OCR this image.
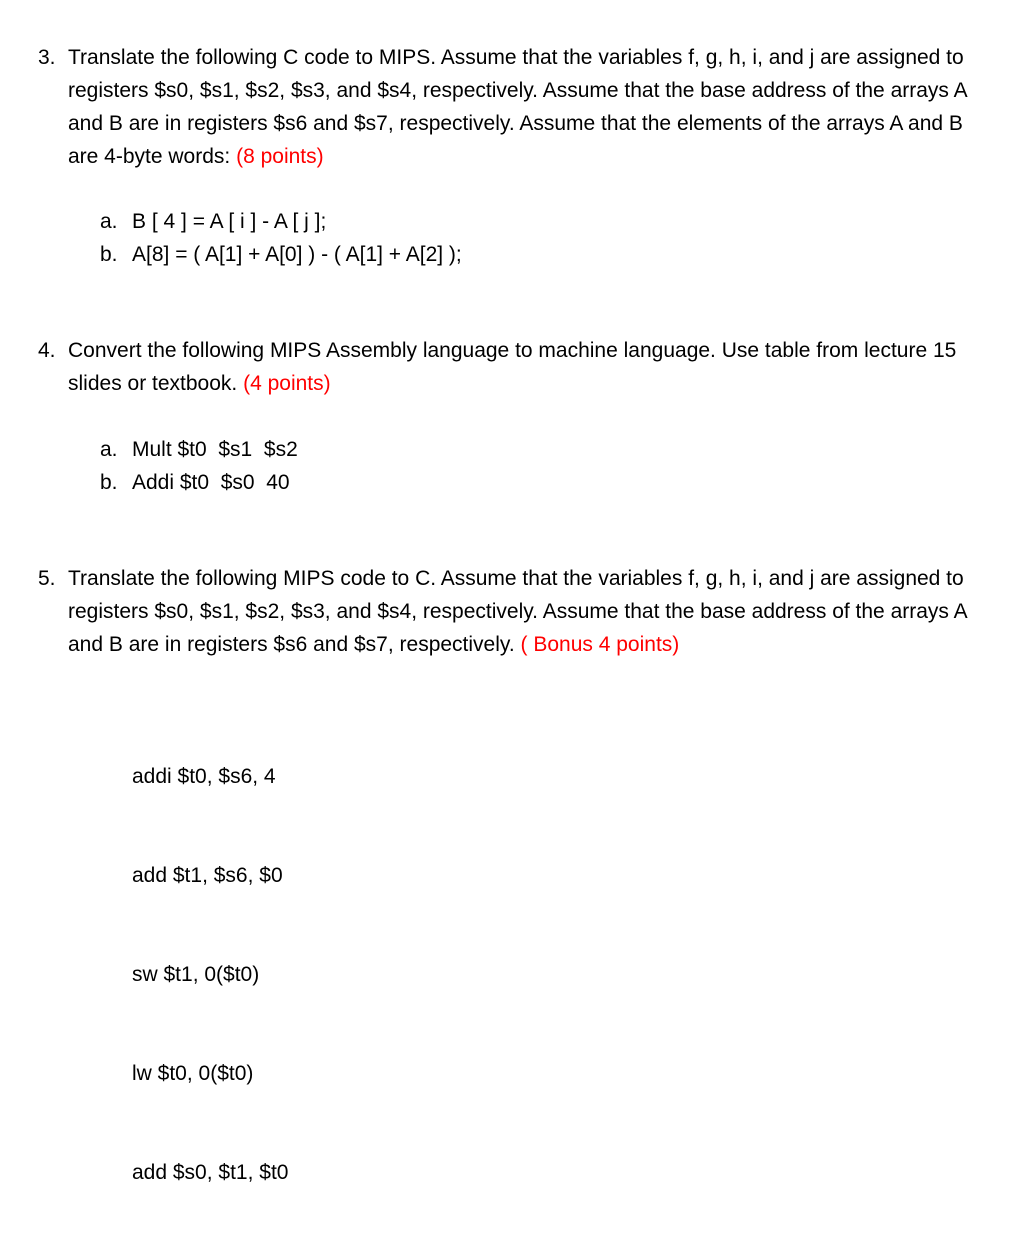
3. Translate the following C code to MIPS. Assume that the variables f, g, h, i, and j are assigned to registers $s0, $s1, $s2, $s3, and $s4, respectively. Assume that the base address of the arrays A and B are in registers $s6 and $s7, respectively. Assume that the elements of the arrays A and B are 4-byte words: (8 points)
a. B [ 4 ] = A [ i ] - A [ j ];
b. A[8] = ( A[1] + A[0] ) - ( A[1] + A[2] );
4. Convert the following MIPS Assembly language to machine language. Use table from lecture 15 slides or textbook. (4 points)
a. Mult $t0  $s1  $s2
b. Addi $t0  $s0  40
5. Translate the following MIPS code to C. Assume that the variables f, g, h, i, and j are assigned to registers $s0, $s1, $s2, $s3, and $s4, respectively. Assume that the base address of the arrays A and B are in registers $s6 and $s7, respectively. ( Bonus 4 points)

addi $t0, $s6, 4

add $t1, $s6, $0

sw $t1, 0($t0)

lw $t0, 0($t0)

add $s0, $t1, $t0
